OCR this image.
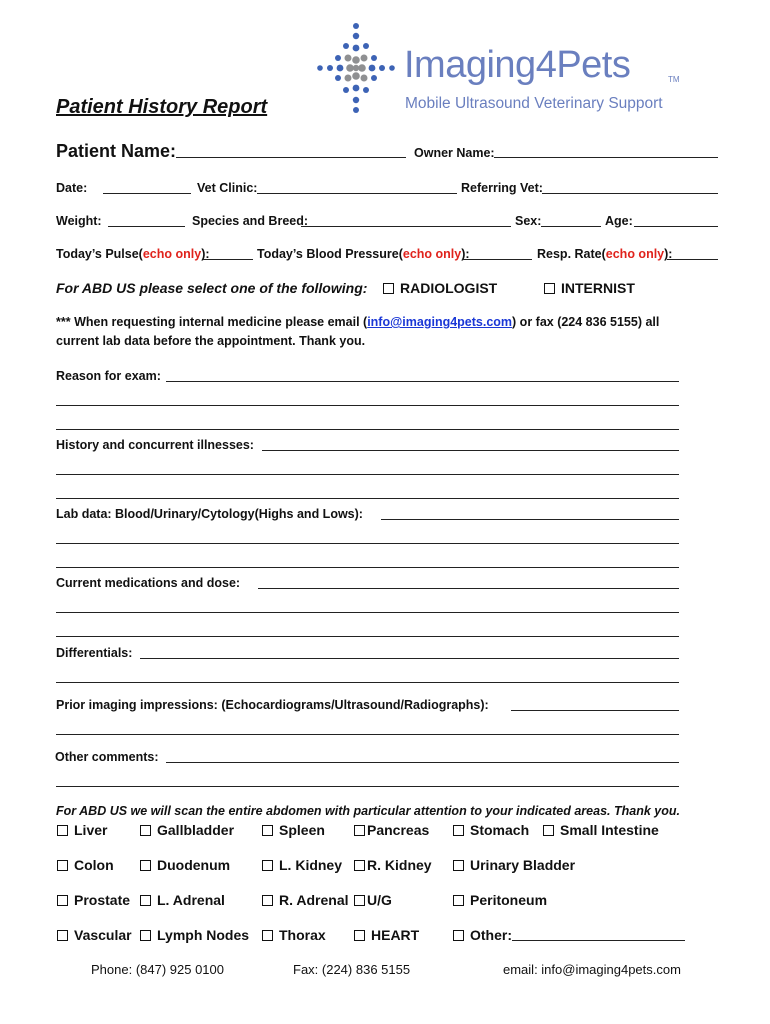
Imaging4Pets	TM
Mobile Ultrasound Veterinary Support
Patient History Report
Patient Name:	Owner Name:
Date:	Vet Clinic:	Referring Vet:
Weight:	Species and Breed:	Sex:	Age:
Today’s Pulse(echo only):	Today’s Blood Pressure(echo only):	Resp. Rate(echo only):
For ABD US please select one of the following:	RADIOLOGIST	INTERNIST
*** When requesting internal medicine please email (info@imaging4pets.com) or fax (224 836 5155) all
current lab data before the appointment. Thank you.
Reason for exam:
History and concurrent illnesses:
Lab data: Blood/Urinary/Cytology(Highs and Lows):
Current medications and dose:
Differentials:
Prior imaging impressions: (Echocardiograms/Ultrasound/Radiographs):
Other comments:
For ABD US we will scan the entire abdomen with particular attention to your indicated areas. Thank you.
Liver	Gallbladder	Spleen	Pancreas	Stomach	Small Intestine
Colon	Duodenum	L. Kidney	R. Kidney	Urinary Bladder
Prostate	L. Adrenal	R. Adrenal	U/G	Peritoneum
Vascular	Lymph Nodes	Thorax	HEART	Other:
Phone: (847) 925 0100	Fax: (224) 836 5155	email: info@imaging4pets.com
